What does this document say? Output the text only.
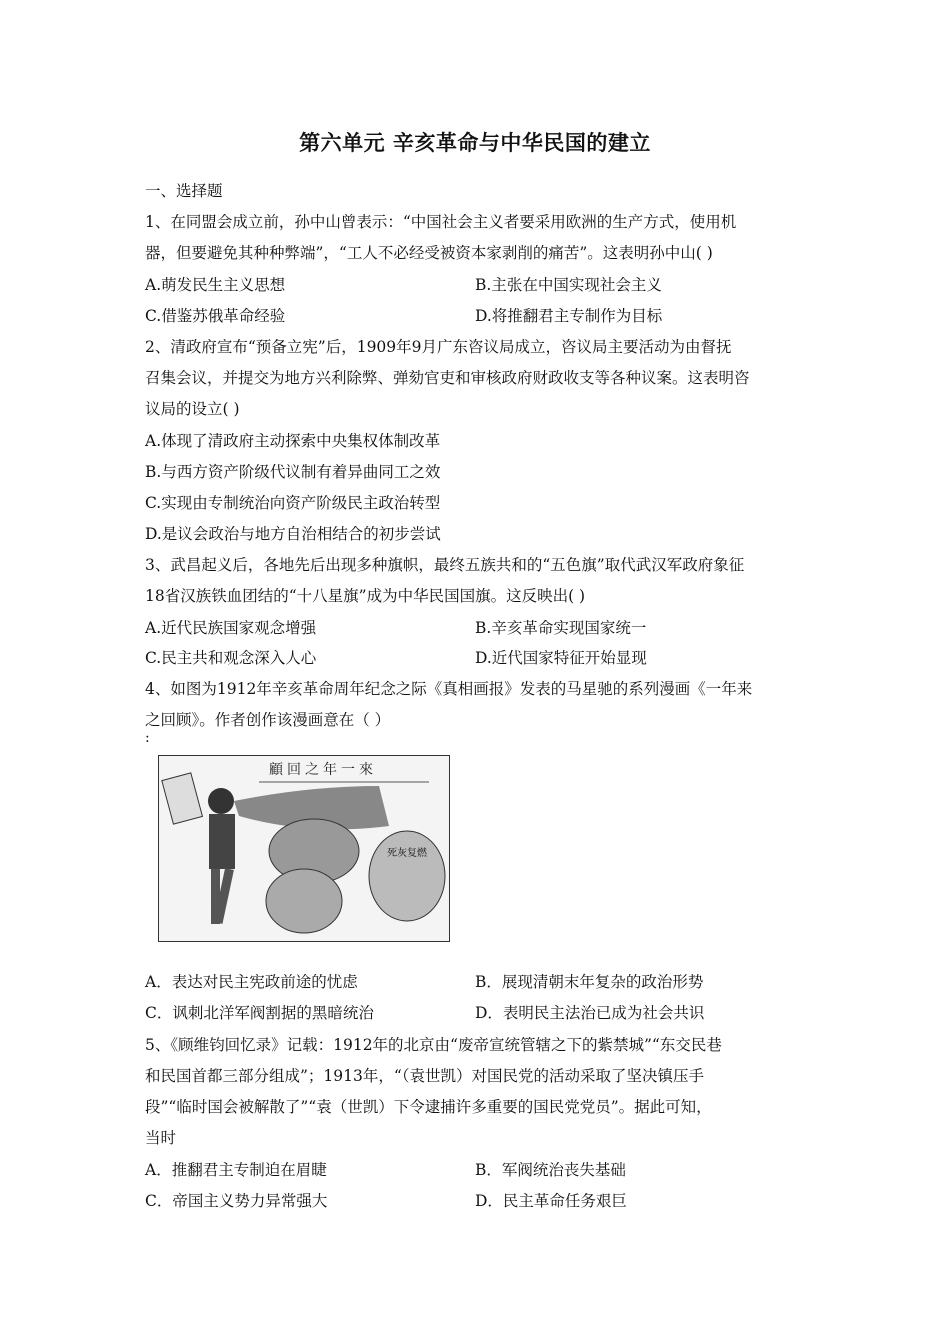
第六单元 辛亥革命与中华民国的建立
一、选择题
1、在同盟会成立前，孙中山曾表示：“中国社会主义者要采用欧洲的生产方式，使用机
器，但要避免其种种弊端”，“工人不必经受被资本家剥削的痛苦”。这表明孙中山( )
A.萌发民生主义思想	B.主张在中国实现社会主义
C.借鉴苏俄革命经验	D.将推翻君主专制作为目标
2、清政府宣布“预备立宪”后，1909年9月广东咨议局成立，咨议局主要活动为由督抚
召集会议，并提交为地方兴利除弊、弹劾官吏和审核政府财政收支等各种议案。这表明咨
议局的设立( )
A.体现了清政府主动探索中央集权体制改革
B.与西方资产阶级代议制有着异曲同工之效
C.实现由专制统治向资产阶级民主政治转型
D.是议会政治与地方自治相结合的初步尝试
3、武昌起义后，各地先后出现多种旗帜，最终五族共和的“五色旗”取代武汉军政府象征
18省汉族铁血团结的“十八星旗”成为中华民国国旗。这反映出( )
A.近代民族国家观念增强	B.辛亥革命实现国家统一
C.民主共和观念深入人心	D.近代国家特征开始显现
4、如图为1912年辛亥革命周年纪念之际《真相画报》发表的马星驰的系列漫画《一年来
之回顾》。作者创作该漫画意在（ ）
:
顧回之年一來
死灰复燃
A．表达对民主宪政前途的忧虑	B．展现清朝末年复杂的政治形势
C．讽刺北洋军阀割据的黑暗统治	D．表明民主法治已成为社会共识
5、《顾维钧回忆录》记载：1912年的北京由“废帝宣统管辖之下的紫禁城”“东交民巷
和民国首都三部分组成”；1913年，“（袁世凯）对国民党的活动采取了坚决镇压手
段”“临时国会被解散了”“袁（世凯）下令逮捕许多重要的国民党党员”。据此可知，
当时
A．推翻君主专制迫在眉睫	B．军阀统治丧失基础
C．帝国主义势力异常强大	D．民主革命任务艰巨
